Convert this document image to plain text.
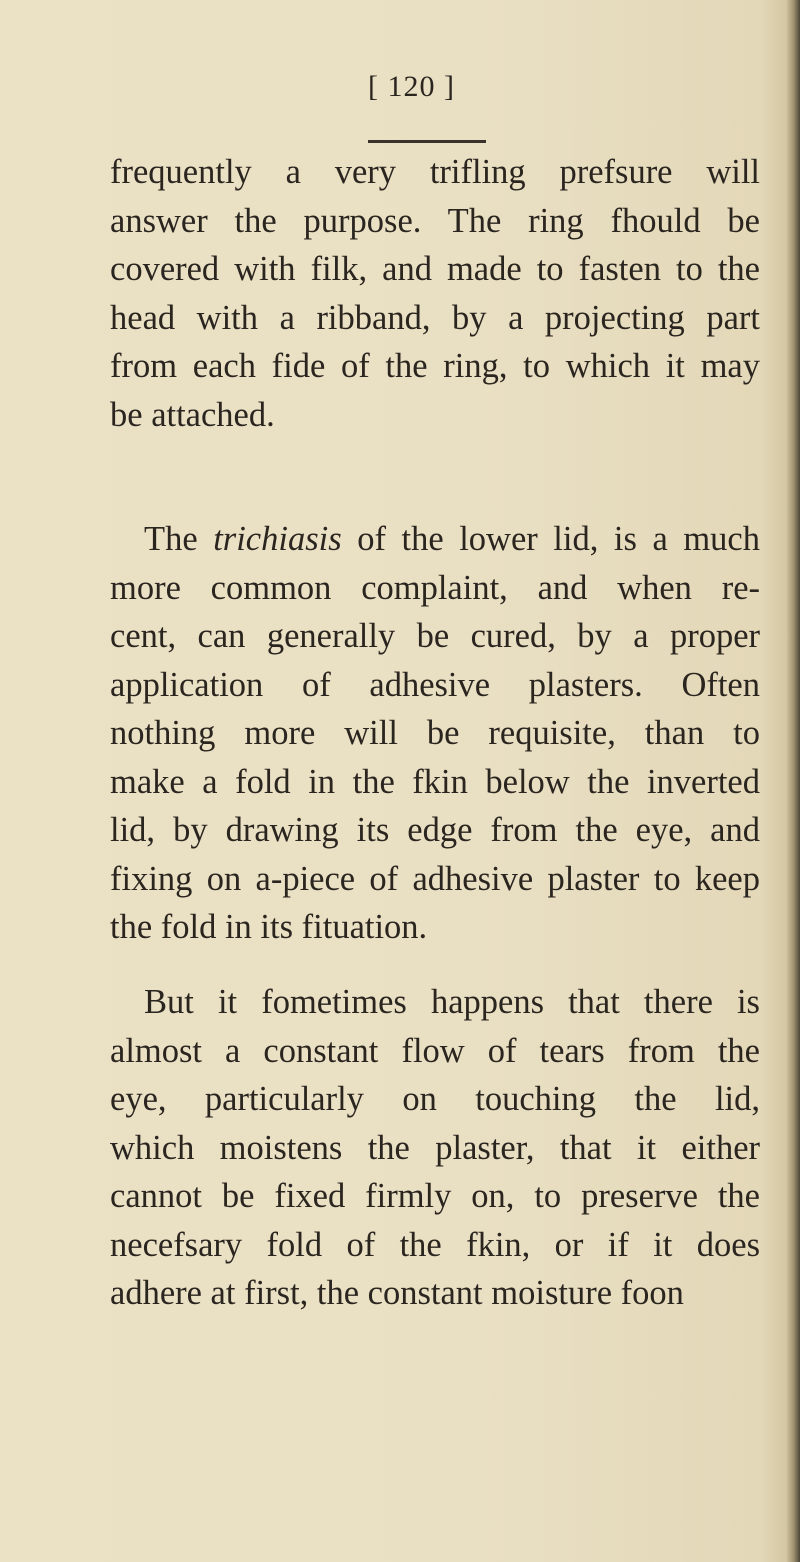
[ 120 ]

frequently a very trifling prefsure will

answer the purpose. The ring fhould be

covered with filk, and made to fasten to the

head with a ribband, by a projecting part

from each fide of the ring, to which it may

be attached.

The trichiasis of the lower lid, is a much

more common complaint, and when re-

cent, can generally be cured, by a proper

application of adhesive plasters. Often

nothing more will be requisite, than to

make a fold in the fkin below the inverted

lid, by drawing its edge from the eye, and

fixing on a-piece of adhesive plaster to keep

the fold in its fituation.

But it fometimes happens that there is

almost a constant flow of tears from the

eye, particularly on touching the lid,

which moistens the plaster, that it either

cannot be fixed firmly on, to preserve the

necefsary fold of the fkin, or if it does

adhere at first, the constant moisture foon
